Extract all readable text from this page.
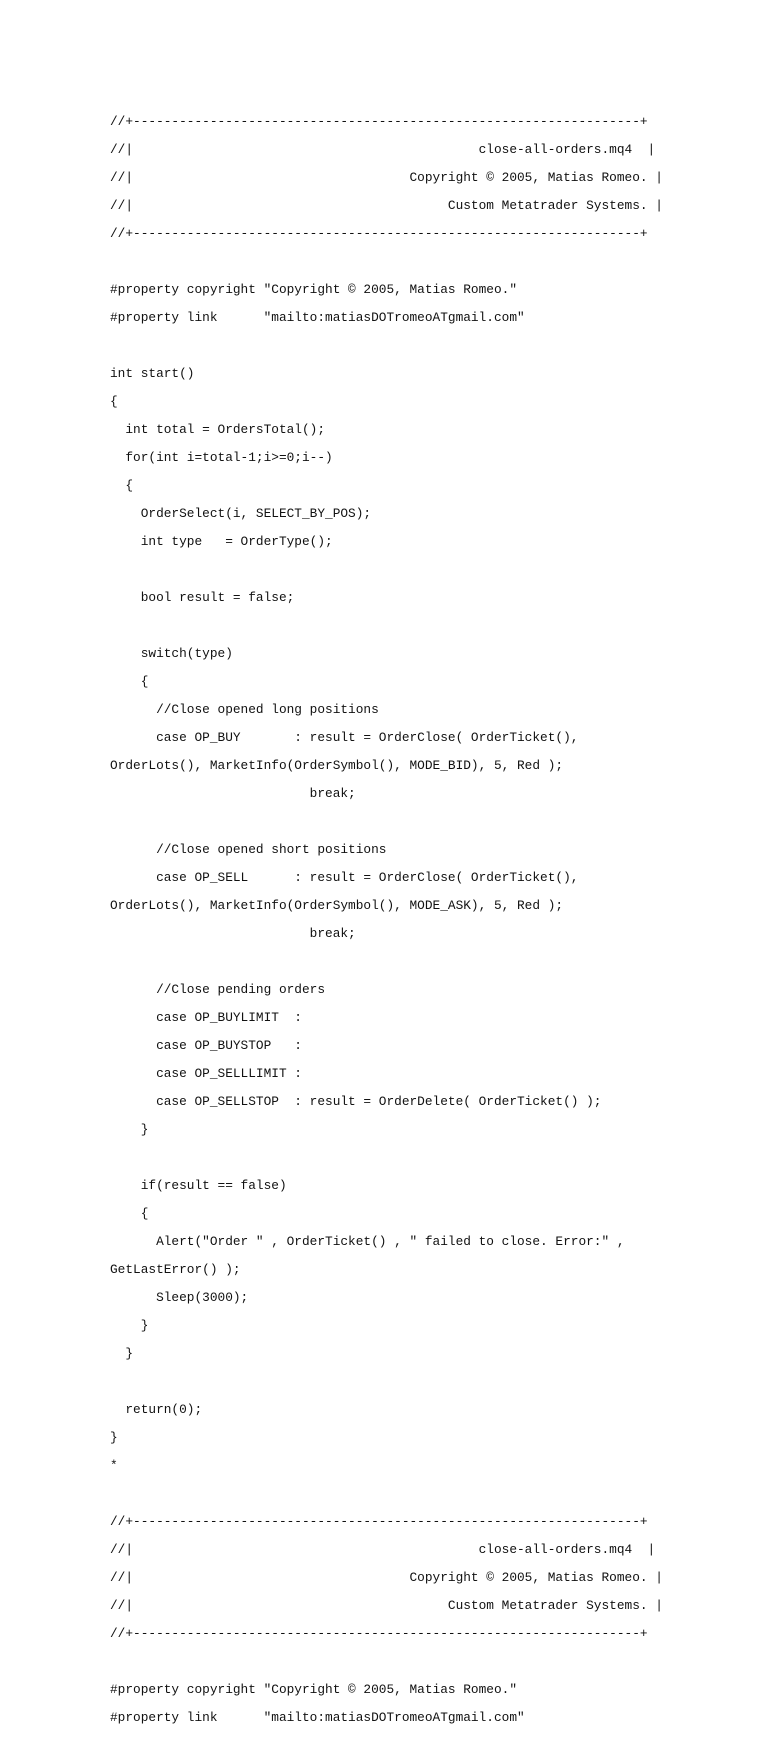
//+------------------------------------------------------------------+

//|                                             close-all-orders.mq4  |

//|                                    Copyright © 2005, Matias Romeo. |

//|                                         Custom Metatrader Systems. |

//+------------------------------------------------------------------+

#property copyright "Copyright © 2005, Matias Romeo."

#property link      "mailto:matiasDOTromeoATgmail.com"

int start()

{

int total = OrdersTotal();

for(int i=total-1;i>=0;i--)

{

OrderSelect(i, SELECT_BY_POS);

int type   = OrderType();

bool result = false;

switch(type)

{

//Close opened long positions

case OP_BUY       : result = OrderClose( OrderTicket(),

OrderLots(), MarketInfo(OrderSymbol(), MODE_BID), 5, Red );

break;

//Close opened short positions

case OP_SELL      : result = OrderClose( OrderTicket(),

OrderLots(), MarketInfo(OrderSymbol(), MODE_ASK), 5, Red );

break;

//Close pending orders

case OP_BUYLIMIT  :

case OP_BUYSTOP   :

case OP_SELLLIMIT :

case OP_SELLSTOP  : result = OrderDelete( OrderTicket() );

}

if(result == false)

{

Alert("Order " , OrderTicket() , " failed to close. Error:" ,

GetLastError() );

Sleep(3000);

}

}

return(0);

}

*

//+------------------------------------------------------------------+

//|                                             close-all-orders.mq4  |

//|                                    Copyright © 2005, Matias Romeo. |

//|                                         Custom Metatrader Systems. |

//+------------------------------------------------------------------+

#property copyright "Copyright © 2005, Matias Romeo."

#property link      "mailto:matiasDOTromeoATgmail.com"
